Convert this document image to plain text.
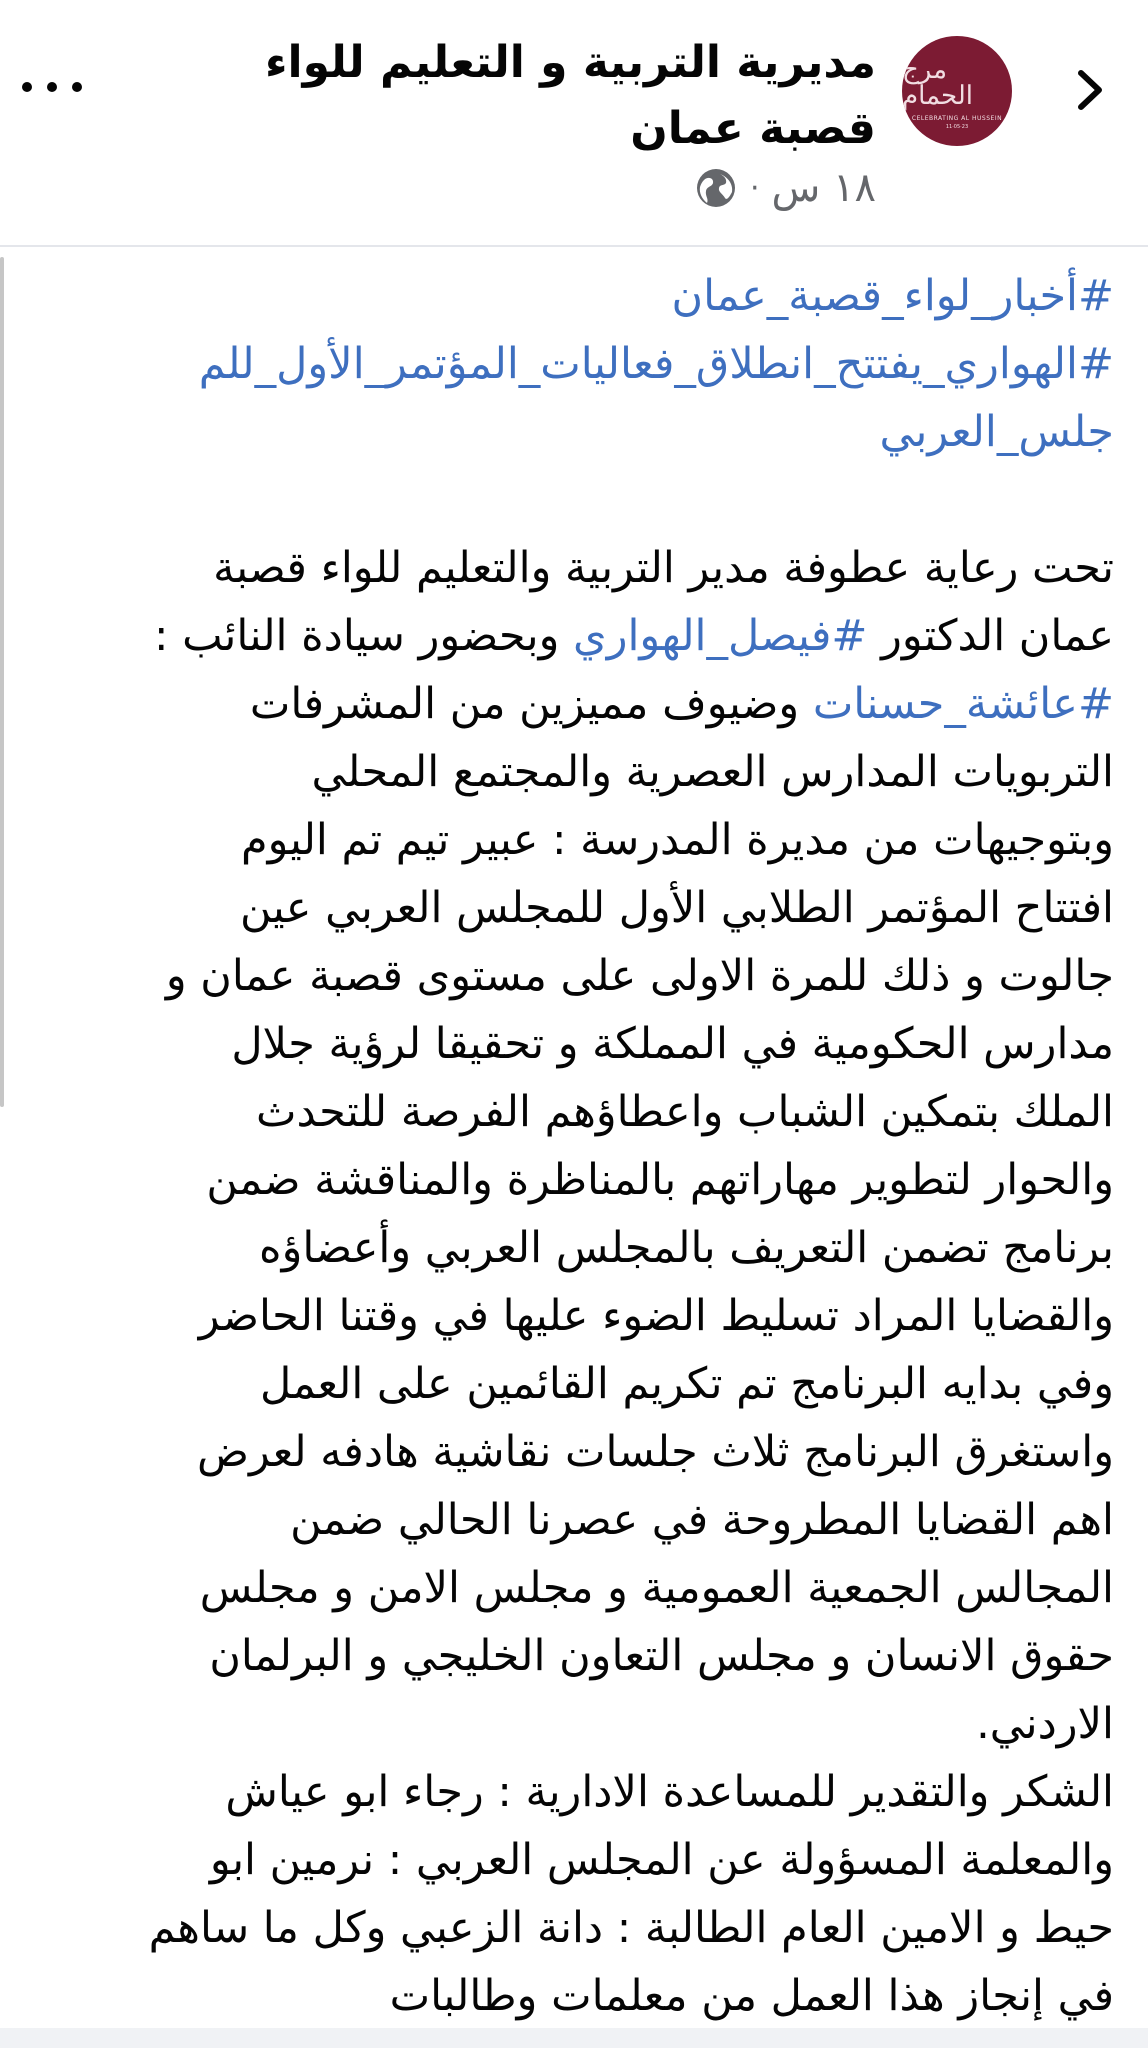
مرج الحمام
CELEBRATING AL HUSSEIN
11·05·23
مديرية التربية و التعليم للواء قصبة عمان
١٨ س
·
#أخبار_لواء_قصبة_عمان
#الهواري_يفتتح_انطلاق_فعاليات_المؤتمر_الأول_للم
جلس_العربي
تحت رعاية عطوفة مدير التربية والتعليم للواء قصبة
عمان الدكتور #فيصل_الهواري وبحضور سيادة النائب :
#عائشة_حسنات وضيوف مميزين من المشرفات
التربويات المدارس العصرية والمجتمع المحلي
وبتوجيهات من مديرة المدرسة : عبير تيم تم اليوم
افتتاح المؤتمر الطلابي الأول للمجلس العربي عين
جالوت و ذلك للمرة الاولى على مستوى قصبة عمان و
مدارس الحكومية في المملكة و تحقيقا لرؤية جلال
الملك بتمكين الشباب واعطاؤهم الفرصة للتحدث
والحوار لتطوير مهاراتهم بالمناظرة والمناقشة ضمن
برنامج تضمن التعريف بالمجلس العربي وأعضاؤه
والقضايا المراد تسليط الضوء عليها في وقتنا الحاضر
وفي بدايه البرنامج تم تكريم القائمين على العمل
واستغرق البرنامج ثلاث جلسات نقاشية هادفه لعرض
اهم القضايا المطروحة في عصرنا الحالي ضمن
المجالس الجمعية العمومية و مجلس الامن و مجلس
حقوق الانسان و مجلس التعاون الخليجي و البرلمان
الاردني.
الشكر والتقدير للمساعدة الادارية : رجاء ابو عياش
والمعلمة المسؤولة عن المجلس العربي : نرمين ابو
حيط و الامين العام الطالبة : دانة الزعبي وكل ما ساهم
في إنجاز هذا العمل من معلمات وطالبات
